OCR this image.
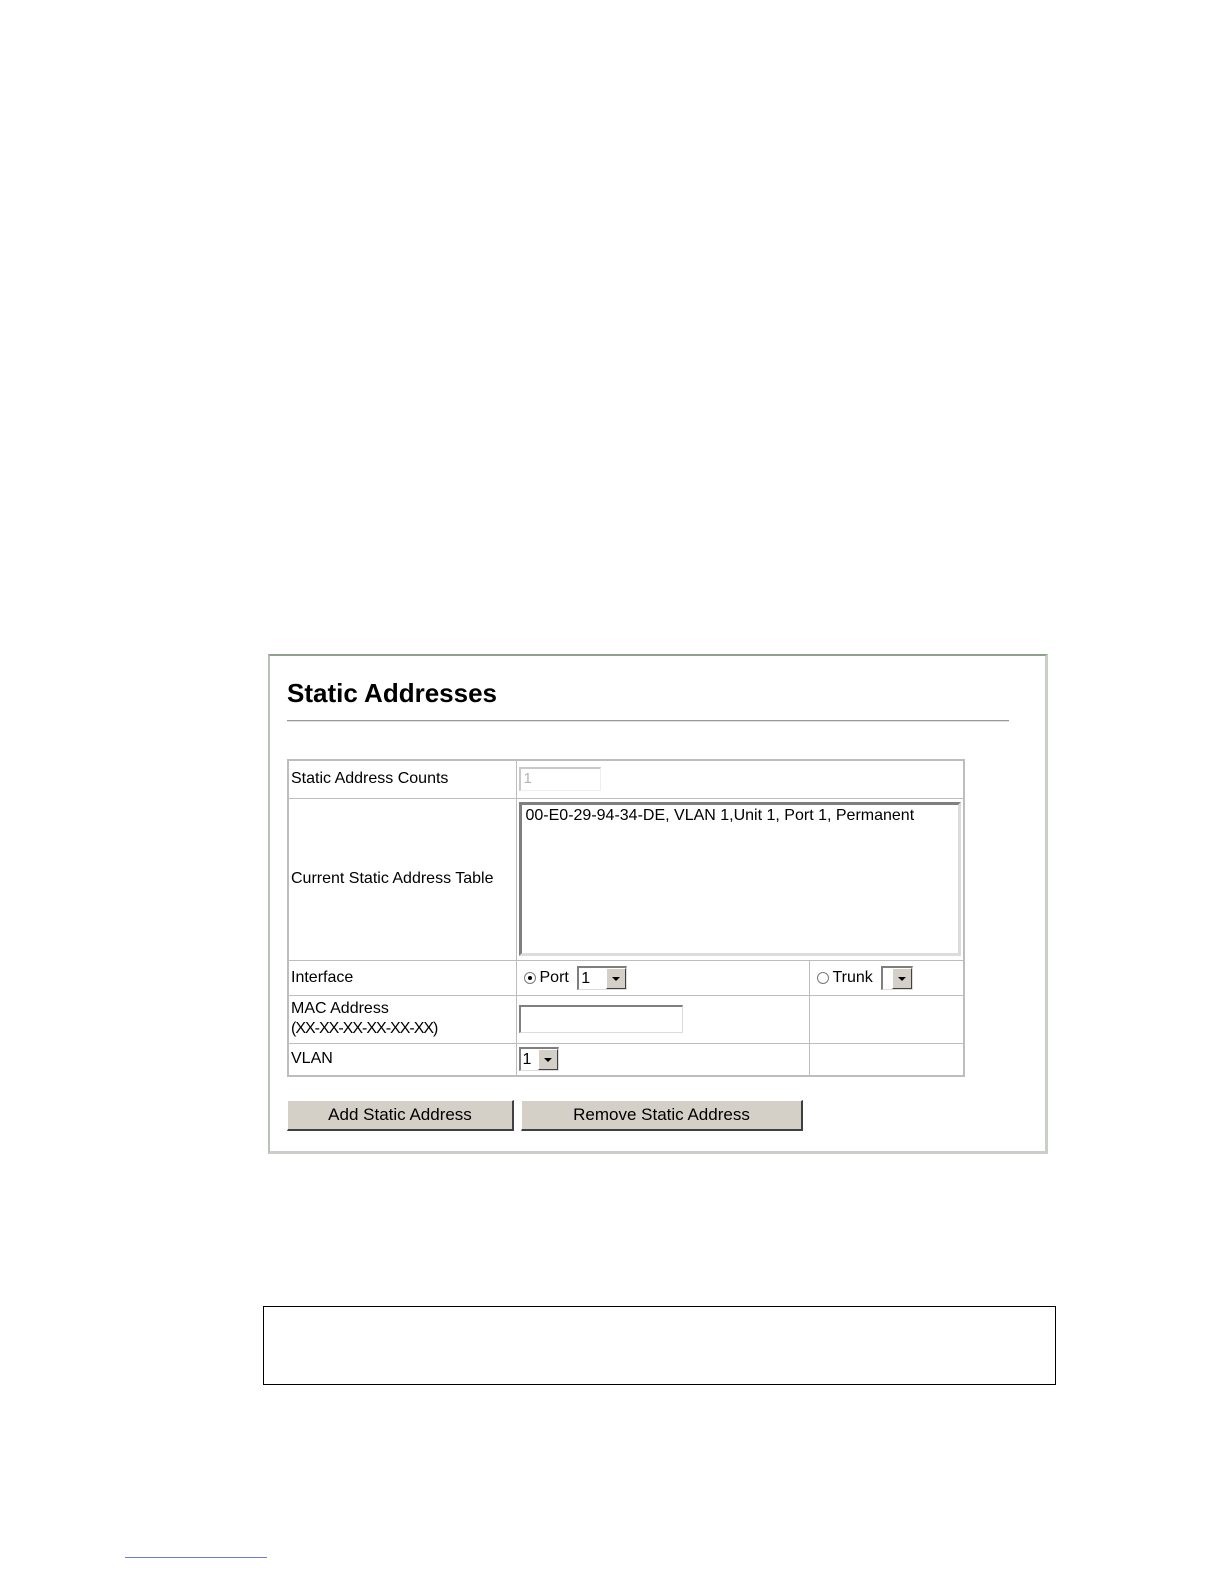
Static Addresses
Static Address Counts	1	

Current Static Address Table	00-E0-29-94-34-DE, VLAN 1,Unit 1, Port 1, Permanent	

Interface	Port 1	Trunk

MAC Address
(XX-XX-XX-XX-XX-XX)		

VLAN	1	

Add Static Address	Remove Static Address
